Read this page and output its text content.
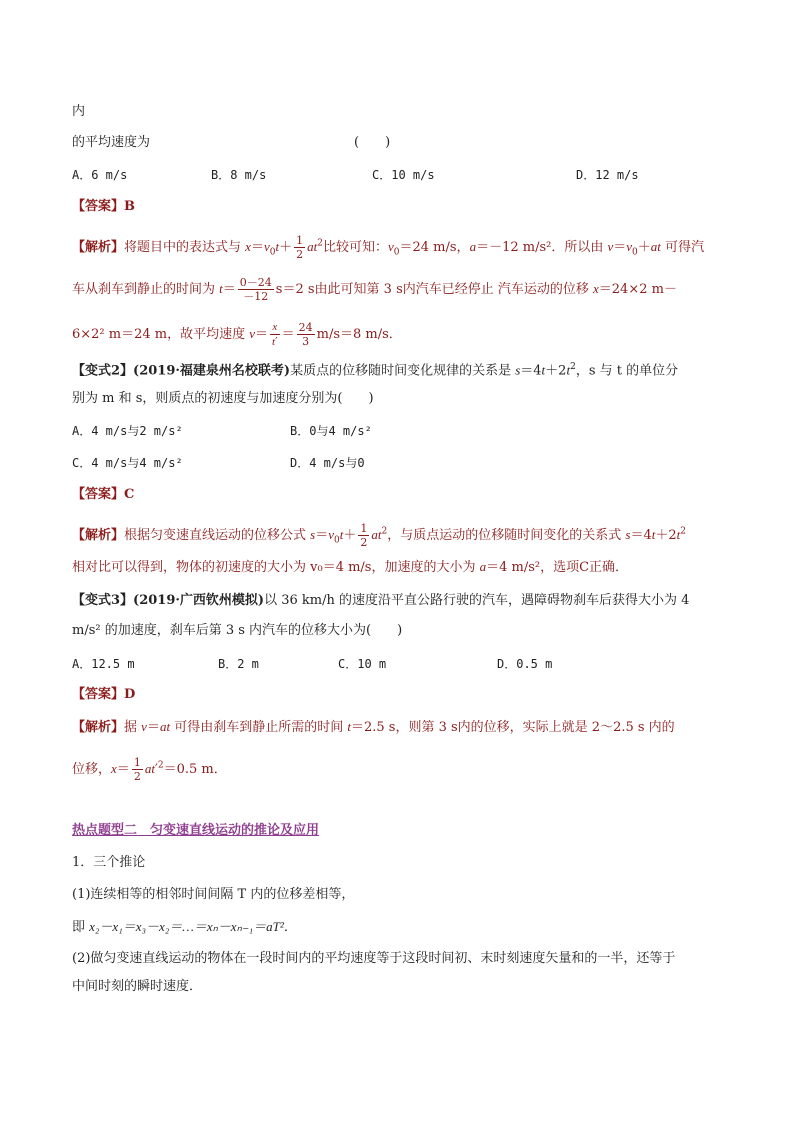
内
的平均速度为	(　　)
A．6 m/s	B．8 m/s	C．10 m/s	D．12 m/s
【答案】B
【解析】将题目中的表达式与 $x=v_0t+ \frac{1}{2} at^2$比较可知：$v_0=24$ m/s，a＝－12 m/s²．所以由 $v=v_0+at$ 可得汽
车从刹车到静止的时间为 $t= \frac{0-24}{-12} s=2$ s由此可知第 3 s内汽车已经停止 汽车运动的位移 x＝24×2 m－
6×2² m＝24 m，故平均速度 $v= \frac{x}{t'} = \frac{24}{3} m/s=8$ m/s．
【变式2】(2019·福建泉州名校联考)某质点的位移随时间变化规律的关系是 $s=4t+2t^2$，s 与 t 的单位分
别为 m 和 s，则质点的初速度与加速度分别为(　　)
A．4 m/s与2 m/s²	B．0与4 m/s²
C．4 m/s与4 m/s²	D．4 m/s与0
【答案】C
【解析】根据匀变速直线运动的位移公式 $s=v_0t+ \frac{1}{2} at^2$，与质点运动的位移随时间变化的关系式 $s=4t+2t^2$
相对比可以得到，物体的初速度的大小为 v₀＝4 m/s，加速度的大小为 a＝4 m/s²，选项C正确．
【变式3】(2019·广西钦州模拟)以 36 km/h 的速度沿平直公路行驶的汽车，遇障碍物刹车后获得大小为 4
m/s² 的加速度，刹车后第 3 s 内汽车的位移大小为(　　)
A．12.5 m	B．2 m	C．10 m	D．0.5 m
【答案】D
【解析】据 v＝at 可得由刹车到静止所需的时间 t＝2.5 s，则第 3 s内的位移，实际上就是 2～2.5 s 内的
位移，$x= \frac{1}{2} at'^2=0.5$ m．
热点题型二　匀变速直线运动的推论及应用
1．三个推论
(1)连续相等的相邻时间间隔 T 内的位移差相等，
即 x₂－x₁＝x₃－x₂＝…＝xₙ－xₙ₋₁＝aT²．
(2)做匀变速直线运动的物体在一段时间内的平均速度等于这段时间初、末时刻速度矢量和的一半，还等于
中间时刻的瞬时速度．
